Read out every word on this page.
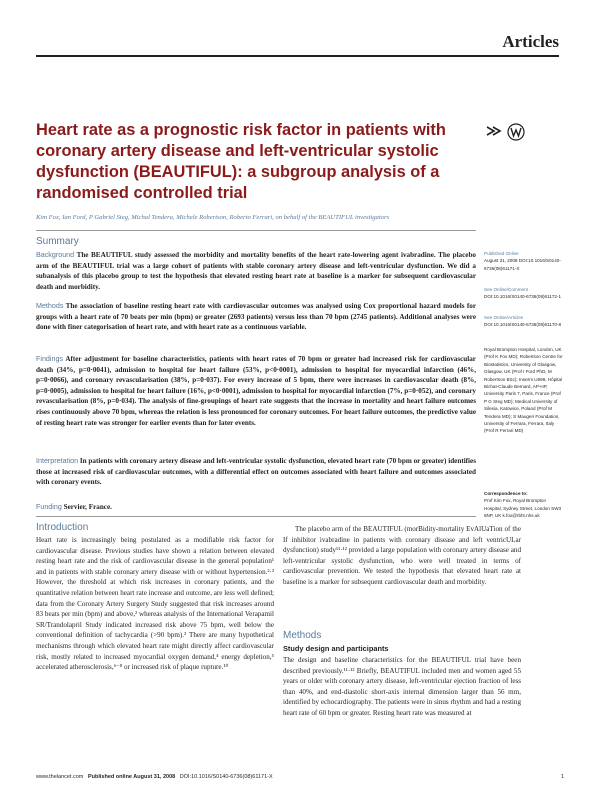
Articles
Heart rate as a prognostic risk factor in patients with coronary artery disease and left-ventricular systolic dysfunction (BEAUTIFUL): a subgroup analysis of a randomised controlled trial
Kim Fox, Ian Ford, P Gabriel Steg, Michal Tendera, Michele Robertson, Roberto Ferrari, on behalf of the BEAUTIFUL investigators
Summary
Background The BEAUTIFUL study assessed the morbidity and mortality benefits of the heart rate-lowering agent ivabradine. The placebo arm of the BEAUTIFUL trial was a large cohort of patients with stable coronary artery disease and left-ventricular dysfunction. We did a subanalysis of this placebo group to test the hypothesis that elevated resting heart rate at baseline is a marker for subsequent cardiovascular death and morbidity.
Methods The association of baseline resting heart rate with cardiovascular outcomes was analysed using Cox proportional hazard models for groups with a heart rate of 70 beats per min (bpm) or greater (2693 patients) versus less than 70 bpm (2745 patients). Additional analyses were done with finer categorisation of heart rate, and with heart rate as a continuous variable.
Findings After adjustment for baseline characteristics, patients with heart rates of 70 bpm or greater had increased risk for cardiovascular death (34%, p=0·0041), admission to hospital for heart failure (53%, p<0·0001), admission to hospital for myocardial infarction (46%, p=0·0066), and coronary revascularisation (38%, p=0·037). For every increase of 5 bpm, there were increases in cardiovascular death (8%, p=0·0005), admission to hospital for heart failure (16%, p<0·0001), admission to hospital for myocardial infarction (7%, p=0·052), and coronary revascularisation (8%, p=0·034). The analysis of fine-groupings of heart rate suggests that the increase in mortality and heart failure outcomes rises continuously above 70 bpm, whereas the relation is less pronounced for coronary outcomes. For heart failure outcomes, the predictive value of resting heart rate was stronger for earlier events than for later events.
Interpretation In patients with coronary artery disease and left-ventricular systolic dysfunction, elevated heart rate (70 bpm or greater) identifies those at increased risk of cardiovascular outcomes, with a differential effect on outcomes associated with heart failure and outcomes associated with coronary events.
Funding Servier, France.
Published Online
August 31, 2008 DOI:10.1016/S0140-6736(08)61171-X
See Online/Comment
DOI:10.1016/S0140-6736(08)61172-1
See Online/Articles
DOI:10.1016/S0140-6736(08)61170-8
Royal Brompton Hospital, London, UK (Prof K Fox MD); Robertson Centre for Biostatistics, University of Glasgow, Glasgow, UK (Prof I Ford PhD, M Robertson BSc); Inserm U698, Hôpital Bichat-Claude Bernard, AP-HP, University Paris 7, Paris, France (Prof P G Steg MD); Medical University of Silesia, Katowice, Poland (Prof M Tendera MD); S Maugeri Foundation, University of Ferrara, Ferrara, Italy (Prof R Ferrari MD)
Correspondence to:
Prof Kim Fox, Royal Brompton Hospital, Sydney Street, London SW3 6NP, UK k.fox@rbht.nhs.uk
Introduction
Heart rate is increasingly being postulated as a modifiable risk factor for cardiovascular disease. Previous studies have shown a relation between elevated resting heart rate and the risk of cardiovascular disease in the general population¹ and in patients with stable coronary artery disease with or without hypertension.²·³ However, the threshold at which risk increases in coronary patients, and the quantitative relation between heart rate increase and outcome, are less well defined; data from the Coronary Artery Surgery Study suggested that risk increases around 83 beats per min (bpm) and above,² whereas analysis of the International Verapamil SR/Trandolapril Study indicated increased risk above 75 bpm, well below the conventional definition of tachycardia (>90 bpm).³ There are many hypothetical mechanisms through which elevated heart rate might directly affect cardiovascular risk, mostly related to increased myocardial oxygen demand,⁴ energy depletion,⁵ accelerated atherosclerosis,⁶⁻⁸ or increased risk of plaque rupture.¹⁰
The placebo arm of the BEAUTIFUL (morBidity-mortality EvAlUaTion of the If inhibitor ivabradine in patients with coronary disease and left ventricULar dysfunction) study¹¹·¹² provided a large population with coronary artery disease and left-ventricular systolic dysfunction, who were well treated in terms of cardiovascular prevention. We tested the hypothesis that elevated heart rate at baseline is a marker for subsequent cardiovascular death and morbidity.
Methods
Study design and participants
The design and baseline characteristics for the BEAUTIFUL trial have been described previously.¹¹·¹² Briefly, BEAUTIFUL included men and women aged 55 years or older with coronary artery disease, left-ventricular ejection fraction of less than 40%, and end-diastolic short-axis internal dimension larger than 56 mm, identified by echocardiography. The patients were in sinus rhythm and had a resting heart rate of 60 bpm or greater. Resting heart rate was measured at
www.thelancet.com Published online August 31, 2008 DOI:10.1016/S0140-6736(08)61171-X	1
